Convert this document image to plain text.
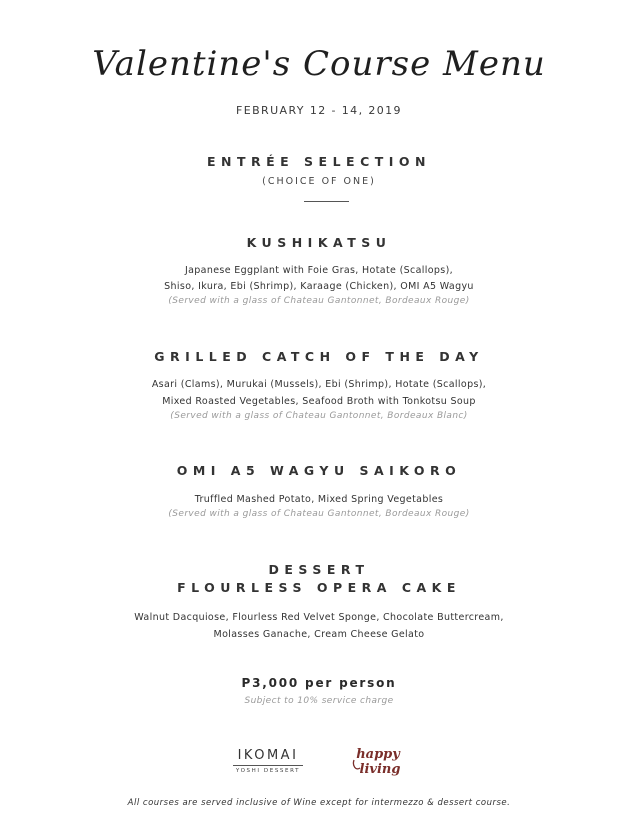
Valentine's Course Menu
FEBRUARY 12 - 14, 2019
ENTRÉE SELECTION
(CHOICE OF ONE)
KUSHIKATSU
Japanese Eggplant with Foie Gras, Hotate (Scallops),
Shiso, Ikura, Ebi (Shrimp), Karaage (Chicken), OMI A5 Wagyu
(Served with a glass of Chateau Gantonnet, Bordeaux Rouge)
GRILLED CATCH OF THE DAY
Asari (Clams), Murukai (Mussels), Ebi (Shrimp), Hotate (Scallops),
Mixed Roasted Vegetables, Seafood Broth with Tonkotsu Soup
(Served with a glass of Chateau Gantonnet, Bordeaux Blanc)
OMI A5 WAGYU SAIKORO
Truffled Mashed Potato, Mixed Spring Vegetables
(Served with a glass of Chateau Gantonnet, Bordeaux Rouge)
DESSERT
FLOURLESS OPERA CAKE
Walnut Dacquiose, Flourless Red Velvet Sponge, Chocolate Buttercream,
Molasses Ganache, Cream Cheese Gelato
P3,000 per person
Subject to 10% service charge
IKOMAI
YOSHI DESSERT
happy
living
All courses are served inclusive of Wine except for intermezzo & dessert course.
